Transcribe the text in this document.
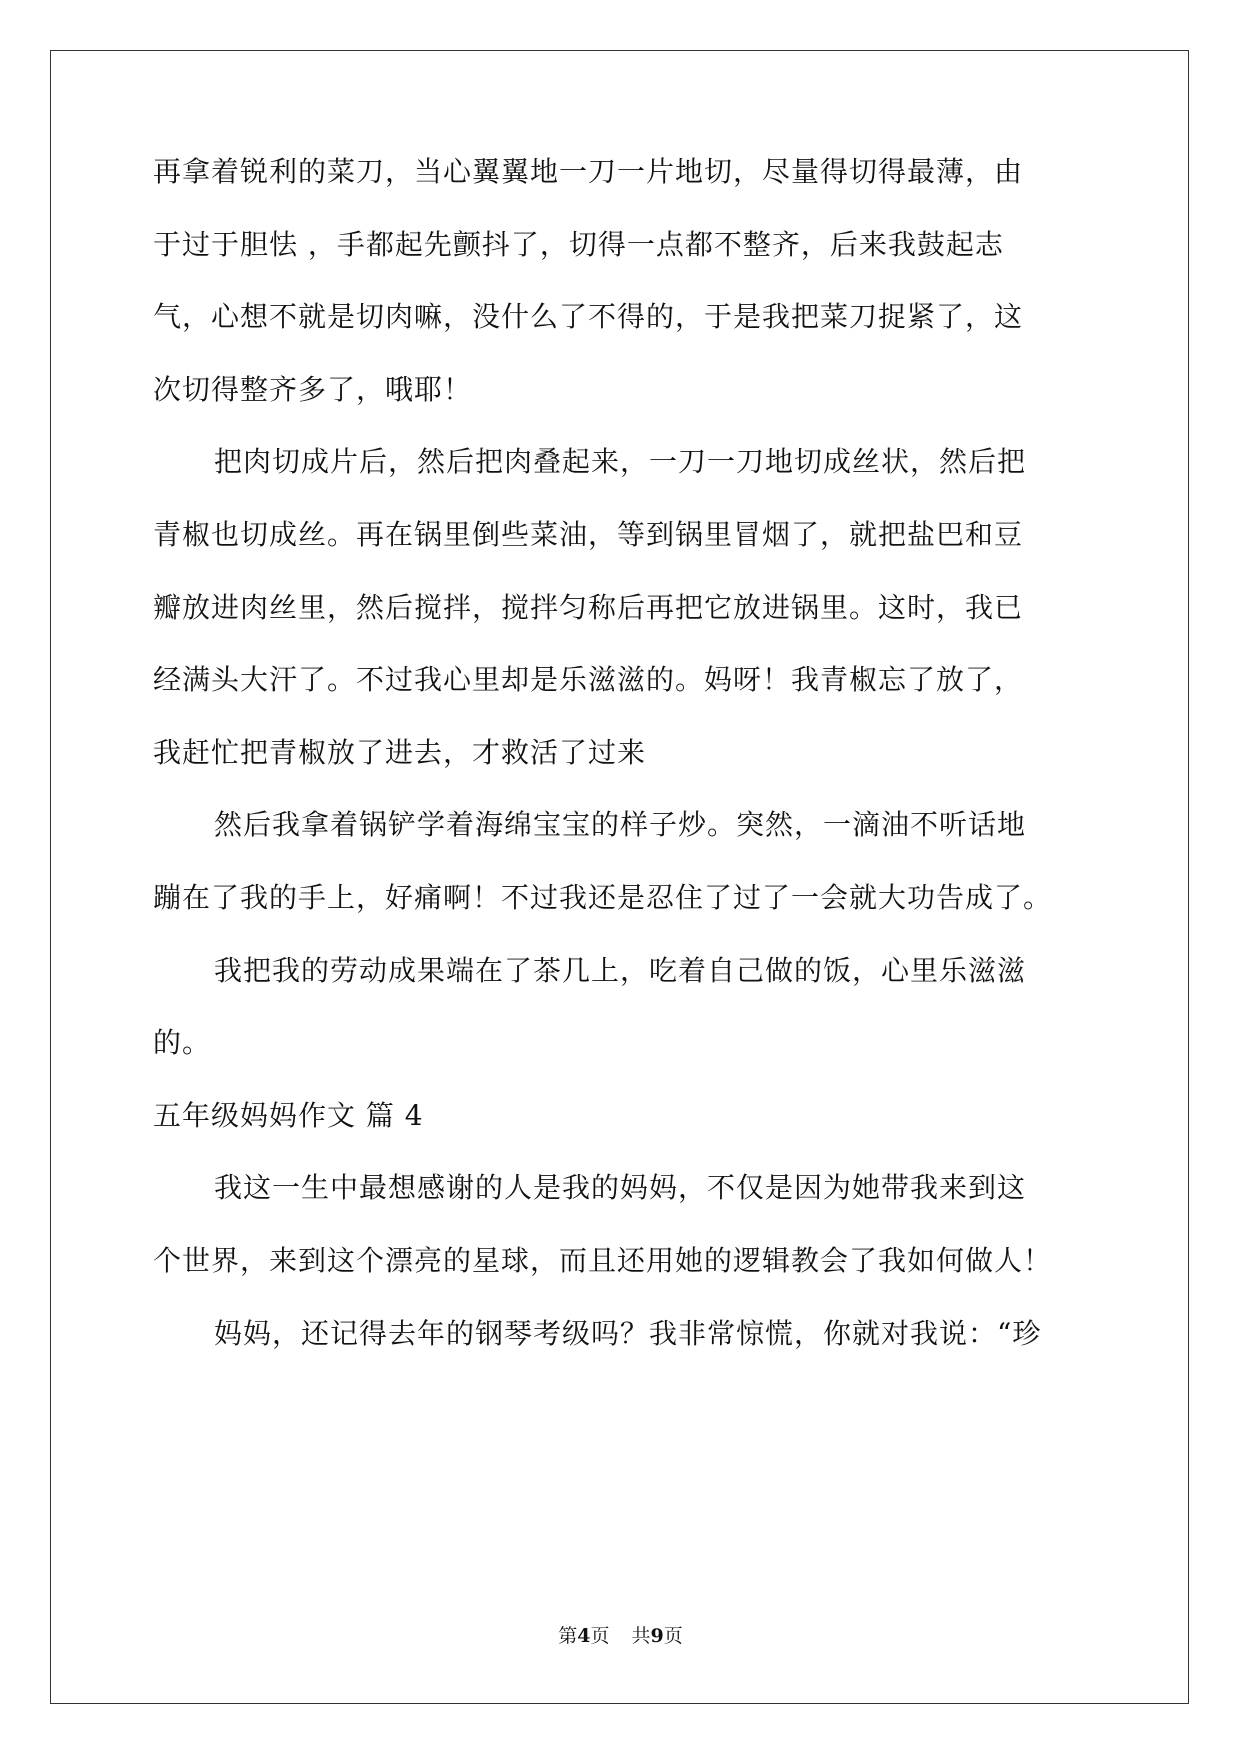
再拿着锐利的菜刀，当心翼翼地一刀一片地切，尽量得切得最薄，由
于过于胆怯 ，手都起先颤抖了，切得一点都不整齐，后来我鼓起志
气，心想不就是切肉嘛，没什么了不得的，于是我把菜刀捉紧了，这
次切得整齐多了，哦耶！
把肉切成片后，然后把肉叠起来，一刀一刀地切成丝状，然后把
青椒也切成丝。再在锅里倒些菜油，等到锅里冒烟了，就把盐巴和豆
瓣放进肉丝里，然后搅拌，搅拌匀称后再把它放进锅里。这时，我已
经满头大汗了。不过我心里却是乐滋滋的。妈呀！我青椒忘了放了，
我赶忙把青椒放了进去，才救活了过来
然后我拿着锅铲学着海绵宝宝的样子炒。突然，一滴油不听话地
蹦在了我的手上，好痛啊！不过我还是忍住了过了一会就大功告成了。
我把我的劳动成果端在了茶几上，吃着自己做的饭，心里乐滋滋
的。
五年级妈妈作文 篇 4
我这一生中最想感谢的人是我的妈妈，不仅是因为她带我来到这
个世界，来到这个漂亮的星球，而且还用她的逻辑教会了我如何做人！
妈妈，还记得去年的钢琴考级吗？我非常惊慌，你就对我说：“珍
第4页 共9页
